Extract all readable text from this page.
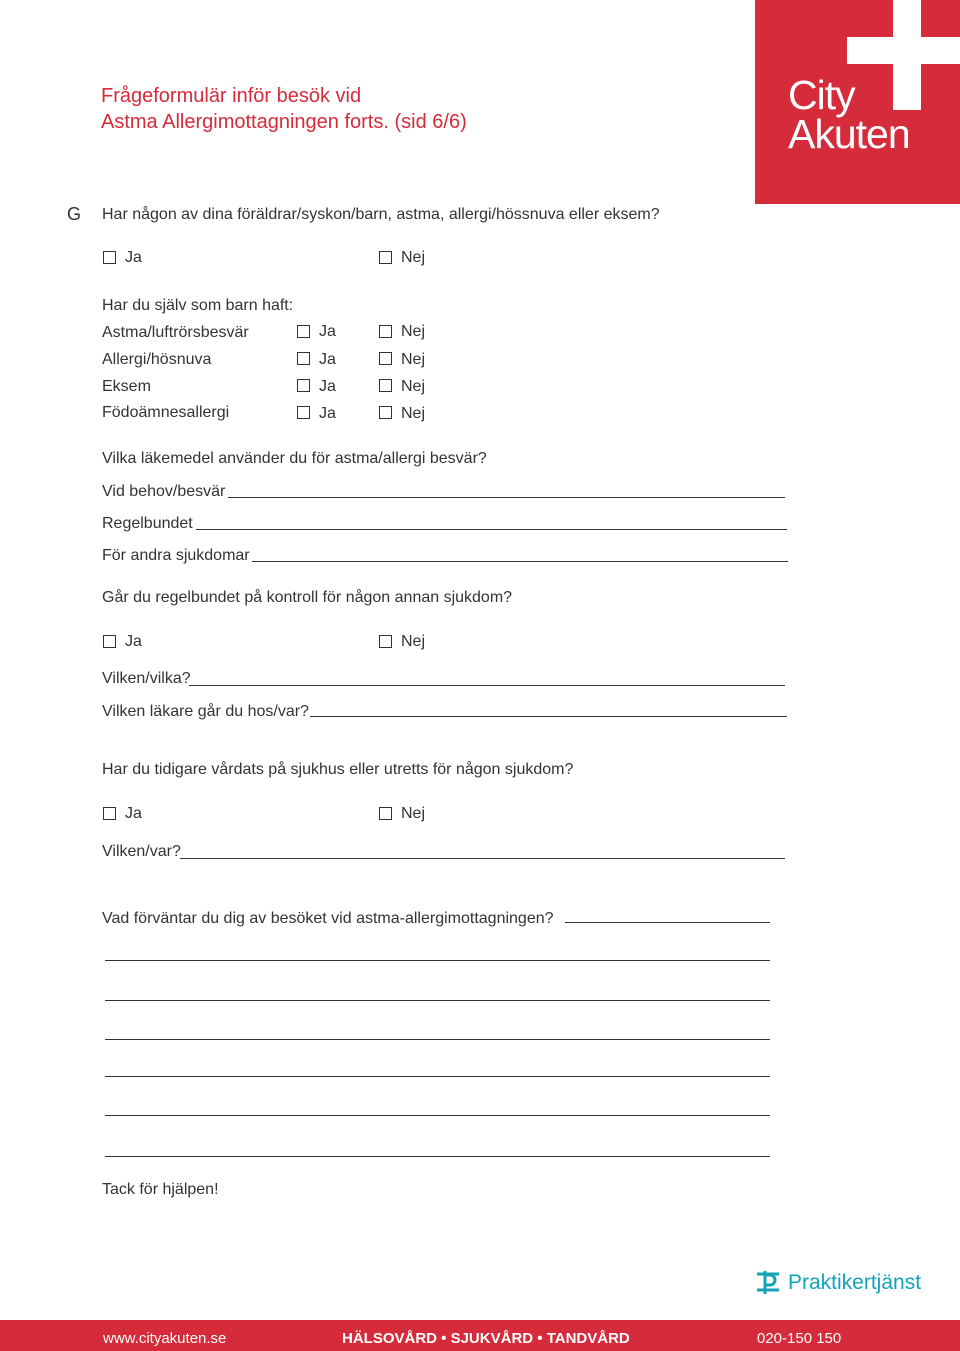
Frågeformulär inför besök vid
Astma Allergimottagningen forts. (sid 6/6)
City
Akuten
G Har någon av dina föräldrar/syskon/barn, astma, allergi/hössnuva eller eksem?
Ja	Nej
Har du själv som barn haft:
Astma/luftrörsbesvär	Ja	Nej
Allergi/hösnuva	Ja	Nej
Eksem	Ja	Nej
Födoämnesallergi	Ja	Nej
Vilka läkemedel använder du för astma/allergi besvär?
Vid behov/besvär
Regelbundet
För andra sjukdomar
Går du regelbundet på kontroll för någon annan sjukdom?
Ja	Nej
Vilken/vilka?
Vilken läkare går du hos/var?
Har du tidigare vårdats på sjukhus eller utretts för någon sjukdom?
Ja	Nej
Vilken/var?
Vad förväntar du dig av besöket vid astma-allergimottagningen?
Tack för hjälpen!
Praktikertjänst
www.cityakuten.se	HÄLSOVÅRD • SJUKVÅRD • TANDVÅRD	020-150 150
